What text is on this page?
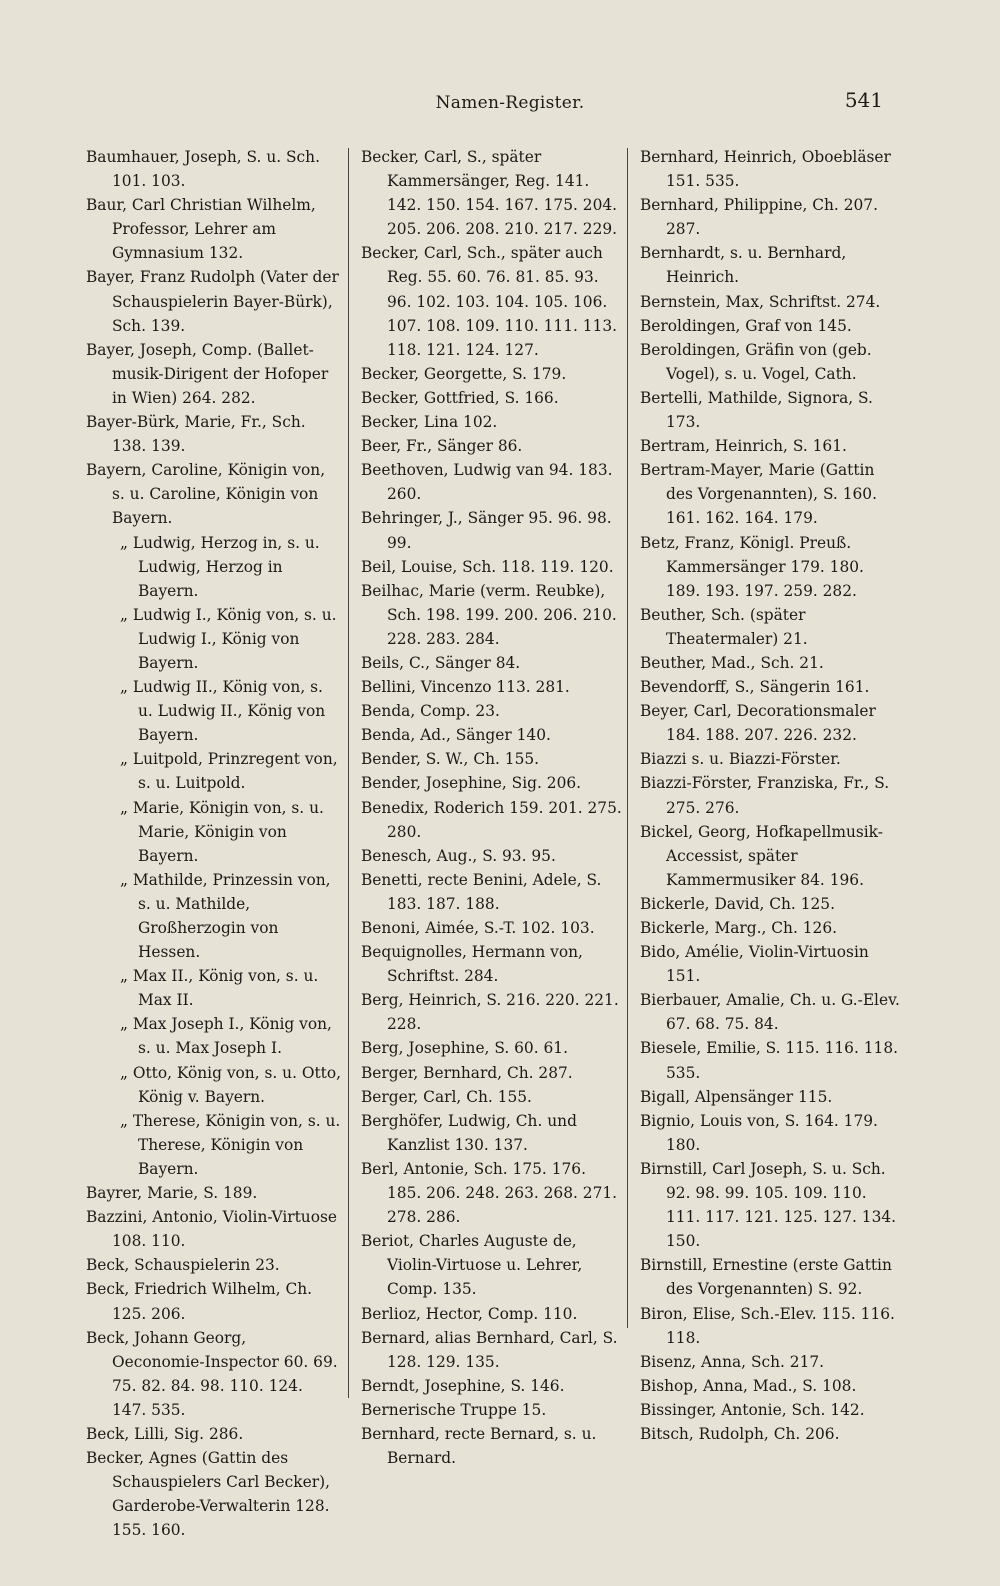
Namen-Register.	541

Baumhauer, Joseph, S. u. Sch. 101. 103.

Baur, Carl Christian Wilhelm, Professor, Lehrer am Gymnasium 132.

Bayer, Franz Rudolph (Vater der Schauspielerin Bayer-Bürk), Sch. 139.

Bayer, Joseph, Comp. (Ballet-musik-Dirigent der Hofoper in Wien) 264. 282.

Bayer-Bürk, Marie, Fr., Sch. 138. 139.

Bayern, Caroline, Königin von, s. u. Caroline, Königin von Bayern.

„ Ludwig, Herzog in, s. u. Ludwig, Herzog in Bayern.

„ Ludwig I., König von, s. u. Ludwig I., König von Bayern.

„ Ludwig II., König von, s. u. Ludwig II., König von Bayern.

„ Luitpold, Prinzregent von, s. u. Luitpold.

„ Marie, Königin von, s. u. Marie, Königin von Bayern.

„ Mathilde, Prinzessin von, s. u. Mathilde, Großherzogin von Hessen.

„ Max II., König von, s. u. Max II.

„ Max Joseph I., König von, s. u. Max Joseph I.

„ Otto, König von, s. u. Otto, König v. Bayern.

„ Therese, Königin von, s. u. Therese, Königin von Bayern.

Bayrer, Marie, S. 189.

Bazzini, Antonio, Violin-Virtuose 108. 110.

Beck, Schauspielerin 23.

Beck, Friedrich Wilhelm, Ch. 125. 206.

Beck, Johann Georg, Oeconomie-Inspector 60. 69. 75. 82. 84. 98. 110. 124. 147. 535.

Beck, Lilli, Sig. 286.

Becker, Agnes (Gattin des Schauspielers Carl Becker), Garderobe-Verwalterin 128. 155. 160.

Becker, Carl, S., später Kammersänger, Reg. 141. 142. 150. 154. 167. 175. 204. 205. 206. 208. 210. 217. 229.

Becker, Carl, Sch., später auch Reg. 55. 60. 76. 81. 85. 93. 96. 102. 103. 104. 105. 106. 107. 108. 109. 110. 111. 113. 118. 121. 124. 127.

Becker, Georgette, S. 179.

Becker, Gottfried, S. 166.

Becker, Lina 102.

Beer, Fr., Sänger 86.

Beethoven, Ludwig van 94. 183. 260.

Behringer, J., Sänger 95. 96. 98. 99.

Beil, Louise, Sch. 118. 119. 120.

Beilhac, Marie (verm. Reubke), Sch. 198. 199. 200. 206. 210. 228. 283. 284.

Beils, C., Sänger 84.

Bellini, Vincenzo 113. 281.

Benda, Comp. 23.

Benda, Ad., Sänger 140.

Bender, S. W., Ch. 155.

Bender, Josephine, Sig. 206.

Benedix, Roderich 159. 201. 275. 280.

Benesch, Aug., S. 93. 95.

Benetti, recte Benini, Adele, S. 183. 187. 188.

Benoni, Aimée, S.-T. 102. 103.

Bequignolles, Hermann von, Schriftst. 284.

Berg, Heinrich, S. 216. 220. 221. 228.

Berg, Josephine, S. 60. 61.

Berger, Bernhard, Ch. 287.

Berger, Carl, Ch. 155.

Berghöfer, Ludwig, Ch. und Kanzlist 130. 137.

Berl, Antonie, Sch. 175. 176. 185. 206. 248. 263. 268. 271. 278. 286.

Beriot, Charles Auguste de, Violin-Virtuose u. Lehrer, Comp. 135.

Berlioz, Hector, Comp. 110.

Bernard, alias Bernhard, Carl, S. 128. 129. 135.

Berndt, Josephine, S. 146.

Bernerische Truppe 15.

Bernhard, recte Bernard, s. u. Bernard.

Bernhard, Heinrich, Oboebläser 151. 535.

Bernhard, Philippine, Ch. 207. 287.

Bernhardt, s. u. Bernhard, Heinrich.

Bernstein, Max, Schriftst. 274.

Beroldingen, Graf von 145.

Beroldingen, Gräfin von (geb. Vogel), s. u. Vogel, Cath.

Bertelli, Mathilde, Signora, S. 173.

Bertram, Heinrich, S. 161.

Bertram-Mayer, Marie (Gattin des Vorgenannten), S. 160. 161. 162. 164. 179.

Betz, Franz, Königl. Preuß. Kammersänger 179. 180. 189. 193. 197. 259. 282.

Beuther, Sch. (später Theatermaler) 21.

Beuther, Mad., Sch. 21.

Bevendorff, S., Sängerin 161.

Beyer, Carl, Decorationsmaler 184. 188. 207. 226. 232.

Biazzi s. u. Biazzi-Förster.

Biazzi-Förster, Franziska, Fr., S. 275. 276.

Bickel, Georg, Hofkapellmusik-Accessist, später Kammermusiker 84. 196.

Bickerle, David, Ch. 125.

Bickerle, Marg., Ch. 126.

Bido, Amélie, Violin-Virtuosin 151.

Bierbauer, Amalie, Ch. u. G.-Elev. 67. 68. 75. 84.

Biesele, Emilie, S. 115. 116. 118. 535.

Bigall, Alpensänger 115.

Bignio, Louis von, S. 164. 179. 180.

Birnstill, Carl Joseph, S. u. Sch. 92. 98. 99. 105. 109. 110. 111. 117. 121. 125. 127. 134. 150.

Birnstill, Ernestine (erste Gattin des Vorgenannten) S. 92.

Biron, Elise, Sch.-Elev. 115. 116. 118.

Bisenz, Anna, Sch. 217.

Bishop, Anna, Mad., S. 108.

Bissinger, Antonie, Sch. 142.

Bitsch, Rudolph, Ch. 206.
